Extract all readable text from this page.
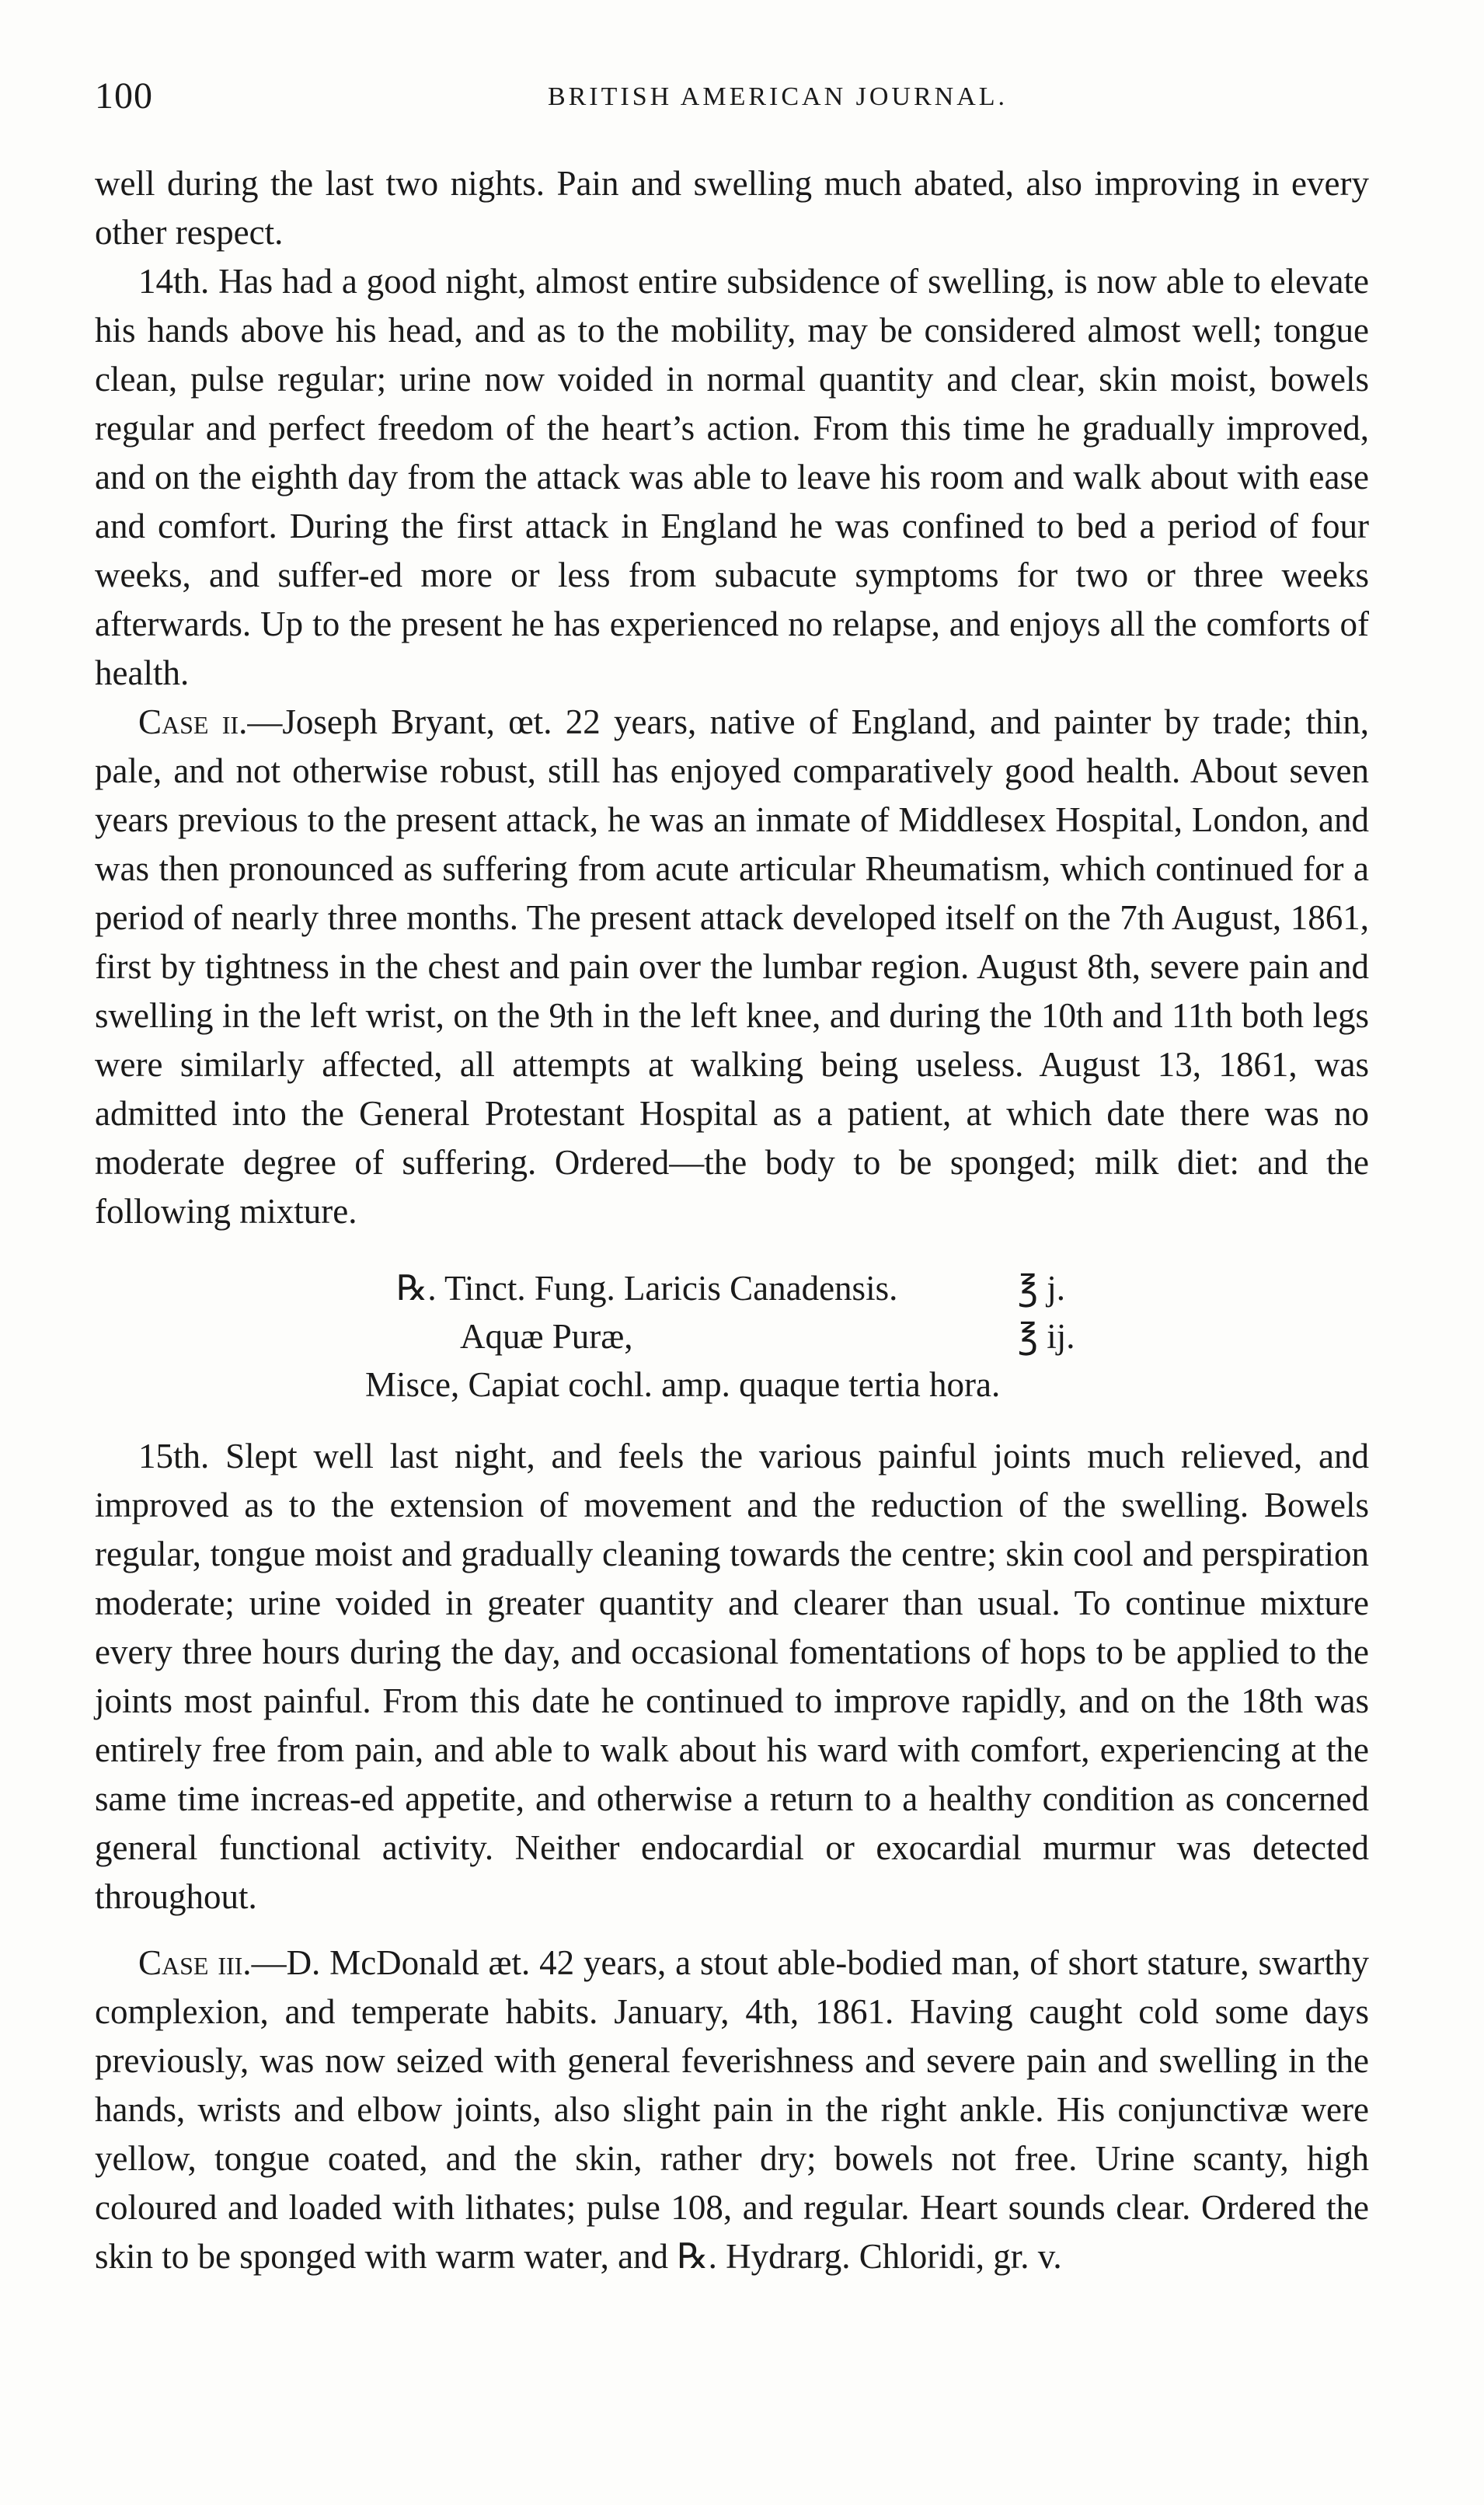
100	BRITISH AMERICAN JOURNAL.

well during the last two nights. Pain and swelling much abated, also improving in every other respect.

14th. Has had a good night, almost entire subsidence of swelling, is now able to elevate his hands above his head, and as to the mobility, may be considered almost well; tongue clean, pulse regular; urine now voided in normal quantity and clear, skin moist, bowels regular and perfect freedom of the heart’s action. From this time he gradually improved, and on the eighth day from the attack was able to leave his room and walk about with ease and comfort. During the first attack in England he was confined to bed a period of four weeks, and suffer-ed more or less from subacute symptoms for two or three weeks afterwards. Up to the present he has experienced no relapse, and enjoys all the comforts of health.

Case ii.—Joseph Bryant, œt. 22 years, native of England, and painter by trade; thin, pale, and not otherwise robust, still has enjoyed comparatively good health. About seven years previous to the present attack, he was an inmate of Middlesex Hospital, London, and was then pronounced as suffering from acute articular Rheumatism, which continued for a period of nearly three months. The present attack developed itself on the 7th August, 1861, first by tightness in the chest and pain over the lumbar region. August 8th, severe pain and swelling in the left wrist, on the 9th in the left knee, and during the 10th and 11th both legs were similarly affected, all attempts at walking being useless. August 13, 1861, was admitted into the General Protestant Hospital as a patient, at which date there was no moderate degree of suffering. Ordered—the body to be sponged; milk diet: and the following mixture.

℞. Tinct. Fung. Laricis Canadensis.	℥ j.
Aquæ Puræ,	℥ ij.
Misce, Capiat cochl. amp. quaque tertia hora.

15th. Slept well last night, and feels the various painful joints much relieved, and improved as to the extension of movement and the reduction of the swelling. Bowels regular, tongue moist and gradually cleaning towards the centre; skin cool and perspiration moderate; urine voided in greater quantity and clearer than usual. To continue mixture every three hours during the day, and occasional fomentations of hops to be applied to the joints most painful. From this date he continued to improve rapidly, and on the 18th was entirely free from pain, and able to walk about his ward with comfort, experiencing at the same time increas-ed appetite, and otherwise a return to a healthy condition as concerned general functional activity. Neither endocardial or exocardial murmur was detected throughout.

Case iii.—D. McDonald æt. 42 years, a stout able-bodied man, of short stature, swarthy complexion, and temperate habits. January, 4th, 1861. Having caught cold some days previously, was now seized with general feverishness and severe pain and swelling in the hands, wrists and elbow joints, also slight pain in the right ankle. His conjunctivæ were yellow, tongue coated, and the skin, rather dry; bowels not free. Urine scanty, high coloured and loaded with lithates; pulse 108, and regular. Heart sounds clear. Ordered the skin to be sponged with warm water, and ℞. Hydrarg. Chloridi, gr. v.
